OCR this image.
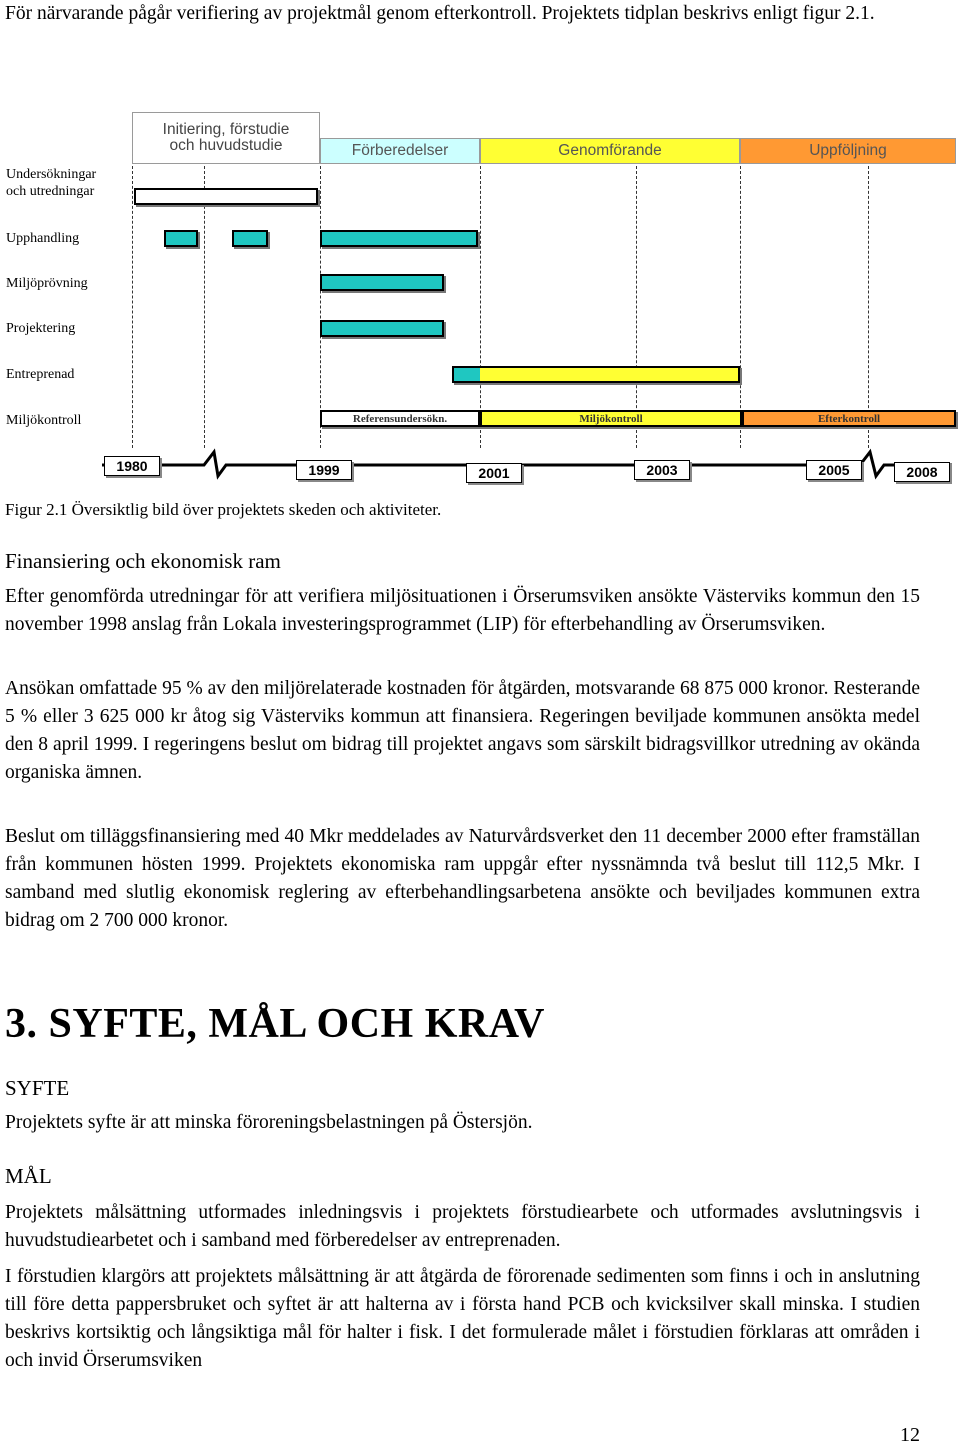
För närvarande pågår verifiering av projektmål genom efterkontroll. Projektets tidplan beskrivs enligt figur 2.1.

Initiering, förstudie
och huvudstudie	Förberedelser	Genomförande	Uppföljning
Undersökningar
och utredningar
Upphandling
Miljöprövning
Projektering
Entreprenad
Miljökontroll	Referensundersökn.	Miljökontroll	Efterkontroll
1980	1999	2001	2003	2005	2008

Figur 2.1 Översiktlig bild över projektets skeden och aktiviteter.

Finansiering och ekonomisk ram

Efter genomförda utredningar för att verifiera miljösituationen i Örserumsviken ansökte Västerviks kommun den 15 november 1998 anslag från Lokala investeringsprogrammet (LIP) för efterbehandling av Örserumsviken.

Ansökan omfattade 95 % av den miljörelaterade kostnaden för åtgärden, motsvarande 68 875 000 kronor. Resterande 5 % eller 3 625 000 kr åtog sig Västerviks kommun att finansiera. Regeringen beviljade kommunen ansökta medel den 8 april 1999. I regeringens beslut om bidrag till projektet angavs som särskilt bidragsvillkor utredning av okända organiska ämnen.

Beslut om tilläggsfinansiering med 40 Mkr meddelades av Naturvårdsverket den 11 december 2000 efter framställan från kommunen hösten 1999. Projektets ekonomiska ram uppgår efter nyssnämnda två beslut till 112,5 Mkr. I samband med slutlig ekonomisk reglering av efterbehandlingsarbetena ansökte och beviljades kommunen extra bidrag om 2 700 000 kronor.

3. SYFTE, MÅL OCH KRAV
SYFTE

Projektets syfte är att minska föroreningsbelastningen på Östersjön.

MÅL

Projektets målsättning utformades inledningsvis i projektets förstudiearbete och utformades avslutningsvis i huvudstudiearbetet och i samband med förberedelser av entreprenaden.

I förstudien klargörs att projektets målsättning är att åtgärda de förorenade sedimenten som finns i och in anslutning till före detta pappersbruket och syftet är att halterna av i första hand PCB och kvicksilver skall minska. I studien beskrivs kortsiktig och långsiktiga mål för halter i fisk. I det formulerade målet i förstudien förklaras att områden i och invid Örserumsviken

12
